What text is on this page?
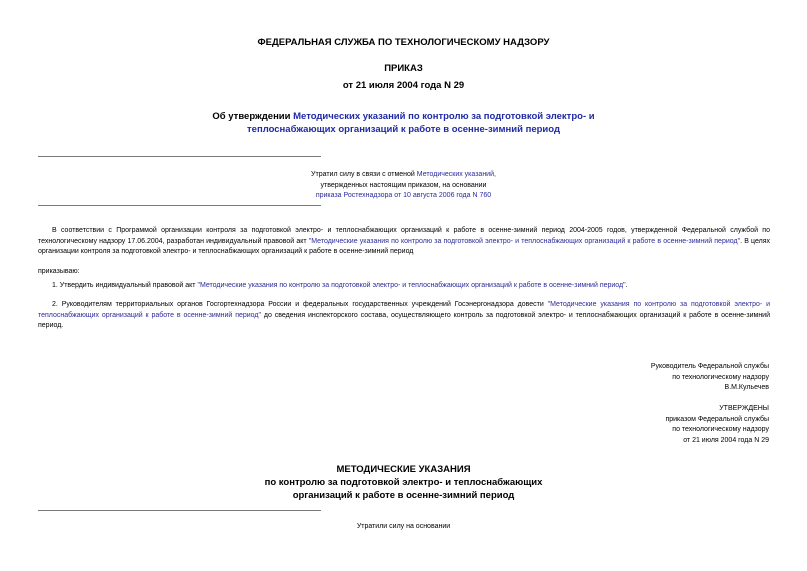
ФЕДЕРАЛЬНАЯ СЛУЖБА ПО ТЕХНОЛОГИЧЕСКОМУ НАДЗОРУ
ПРИКАЗ
от 21 июля 2004 года N 29
Об утверждении Методических указаний по контролю за подготовкой электро- и теплоснабжающих организаций к работе в осенне-зимний период
Утратил силу в связи с отменой Методических указаний,
утвержденных настоящим приказом, на основании
приказа Ростехнадзора от 10 августа 2006 года N 760
В соответствии с Программой организации контроля за подготовкой электро- и теплоснабжающих организаций к работе в осенне-зимний период 2004-2005 годов, утвержденной Федеральной службой по технологическому надзору 17.06.2004, разработан индивидуальный правовой акт "Методические указания по контролю за подготовкой электро- и теплоснабжающих организаций к работе в осенне-зимний период". В целях организации контроля за подготовкой электро- и теплоснабжающих организаций к работе в осенне-зимний период
приказываю:
1. Утвердить индивидуальный правовой акт "Методические указания по контролю за подготовкой электро- и теплоснабжающих организаций к работе в осенне-зимний период".
2. Руководителям территориальных органов Госгортехнадзора России и федеральных государственных учреждений Госэнергонадзора довести "Методические указания по контролю за подготовкой электро- и теплоснабжающих организаций к работе в осенне-зимний период" до сведения инспекторского состава, осуществляющего контроль за подготовкой электро- и теплоснабжающих организаций к работе в осенне-зимний период.
Руководитель Федеральной службы
по технологическому надзору
В.М.Кульечев
УТВЕРЖДЕНЫ
приказом Федеральной службы
по технологическому надзору
от 21 июля 2004 года N 29
МЕТОДИЧЕСКИЕ УКАЗАНИЯ
по контролю за подготовкой электро- и теплоснабжающих
организаций к работе в осенне-зимний период
Утратили силу на основании
